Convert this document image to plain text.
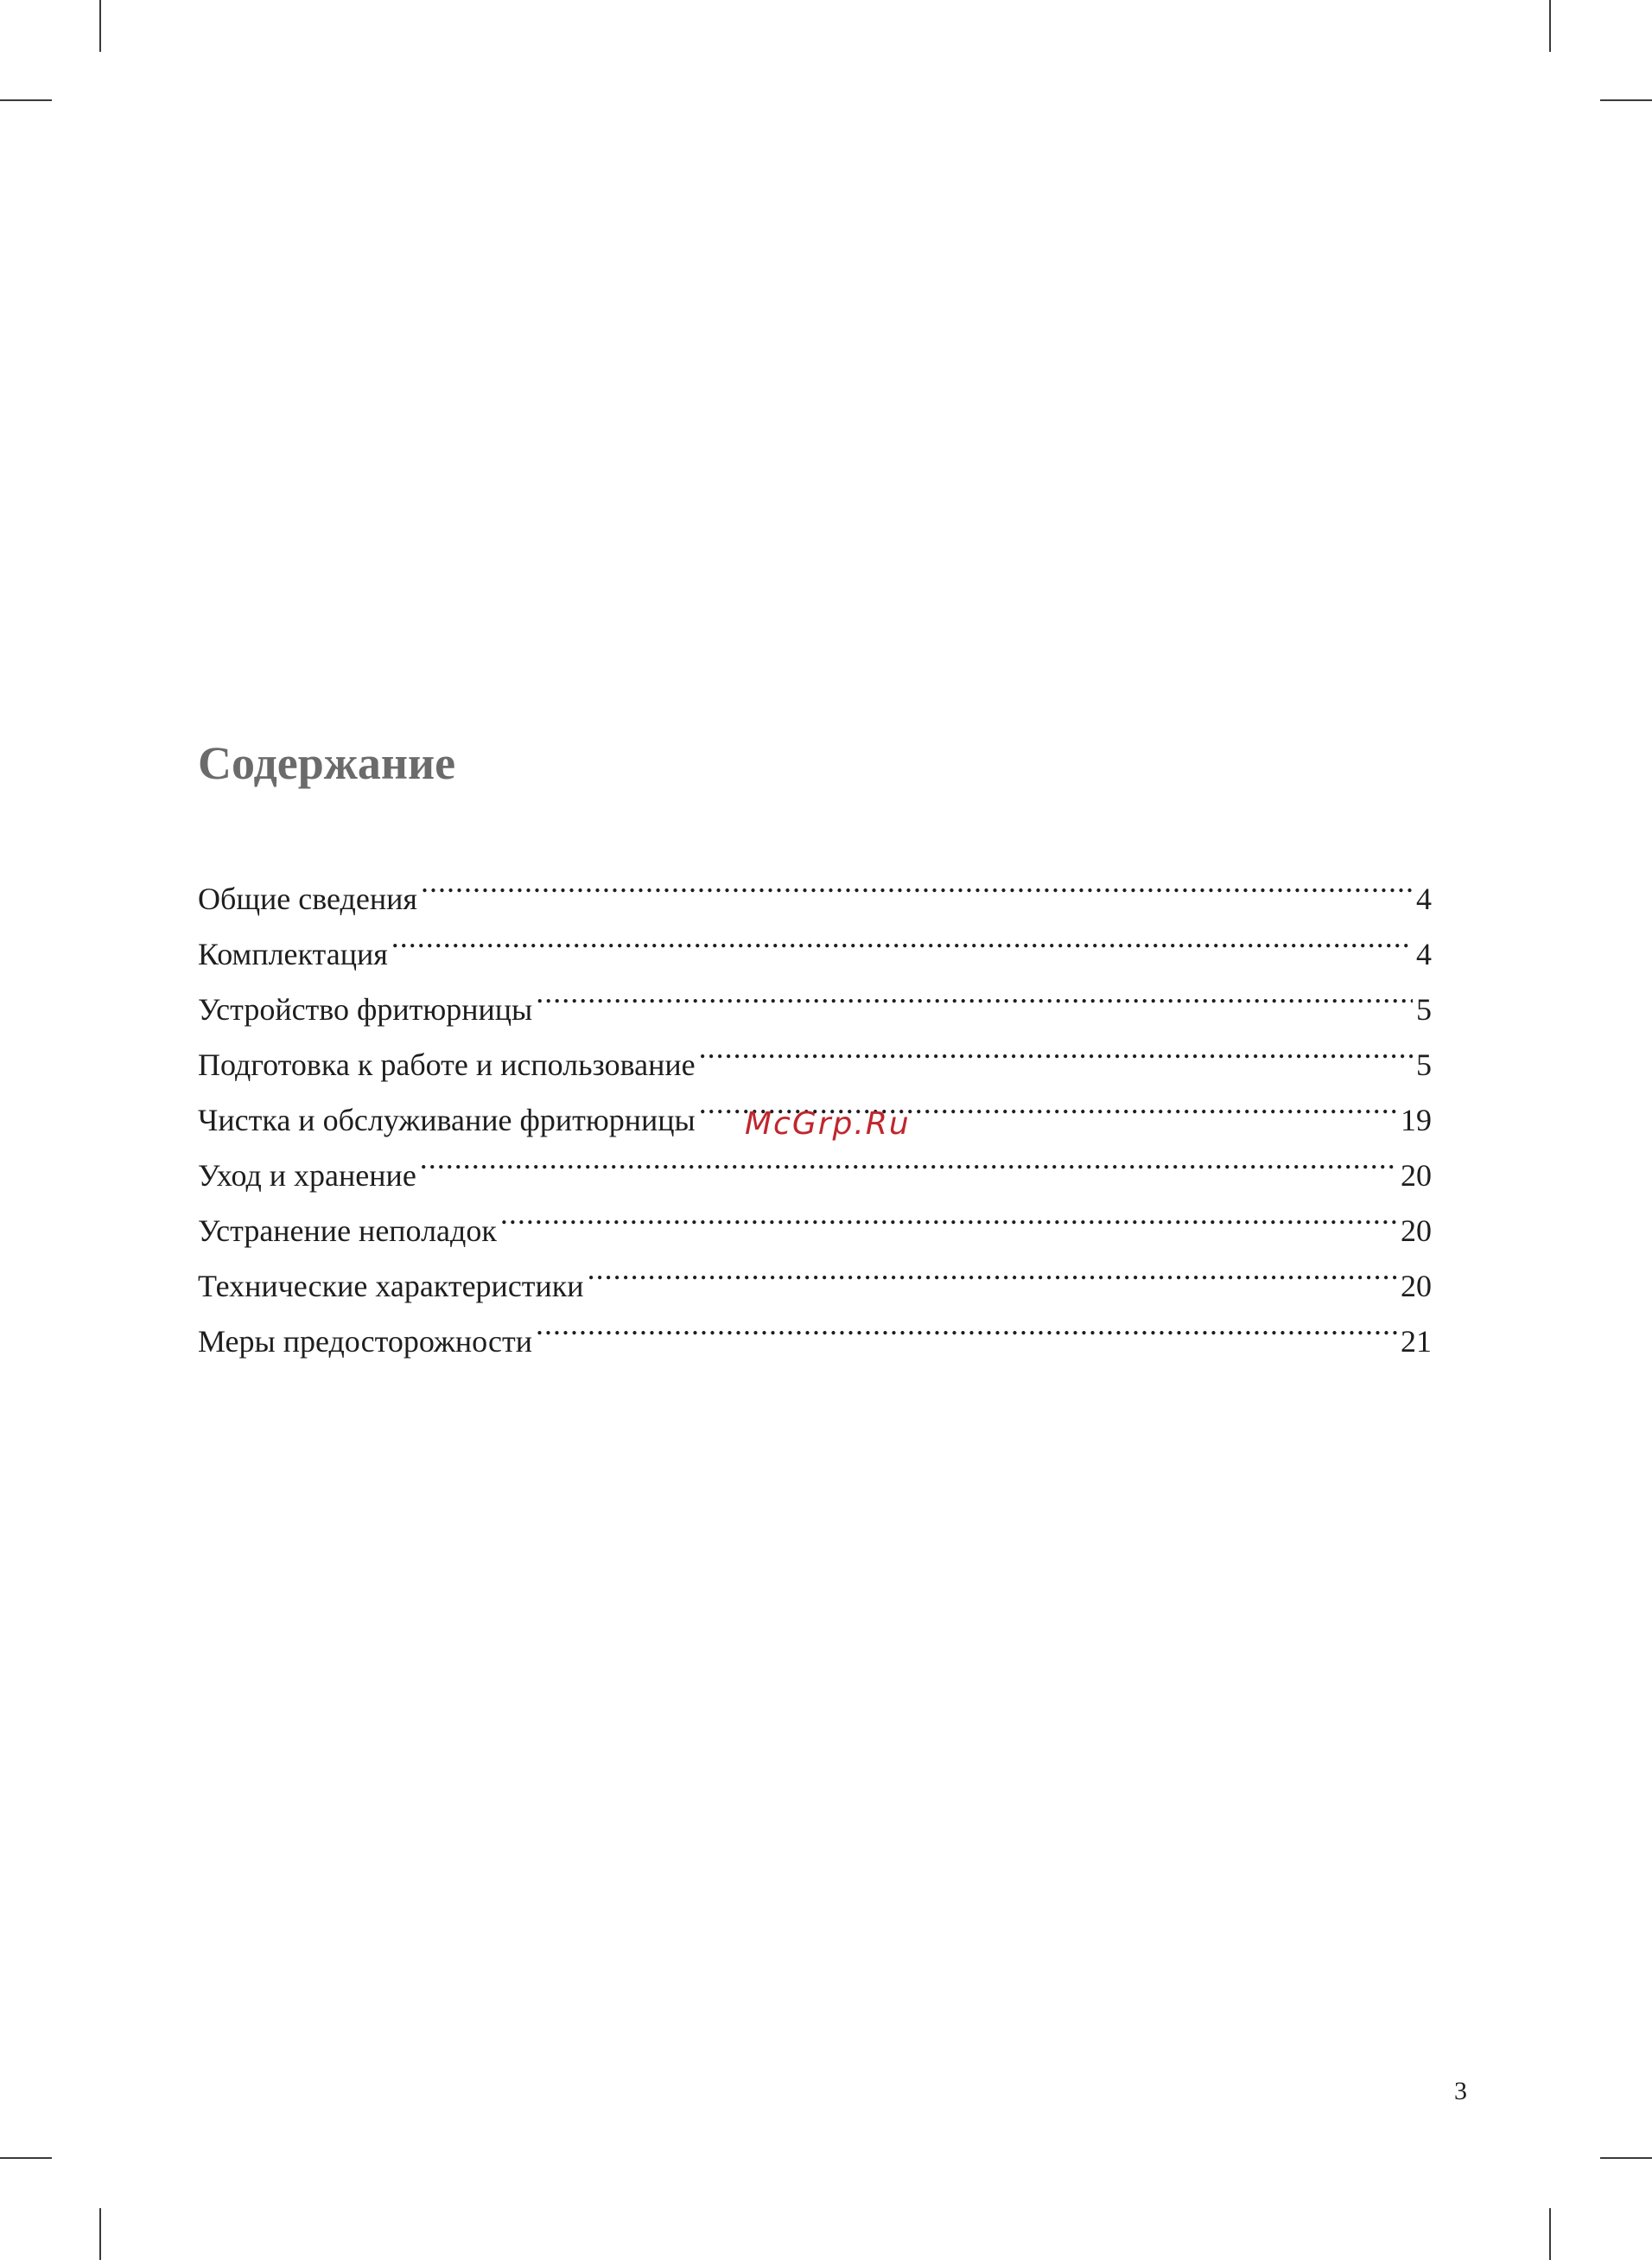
Содержание
Общие сведения .....	4
Комплектация .....	4
Устройство фритюрницы .....	5
Подготовка к работе и использование .....	5
Чистка и обслуживание фритюрницы .....	19
Уход и хранение .....	20
Устранение неполадок .....	20
Технические характеристики .....	20
Меры предосторожности .....	21
McGrp.Ru
3
